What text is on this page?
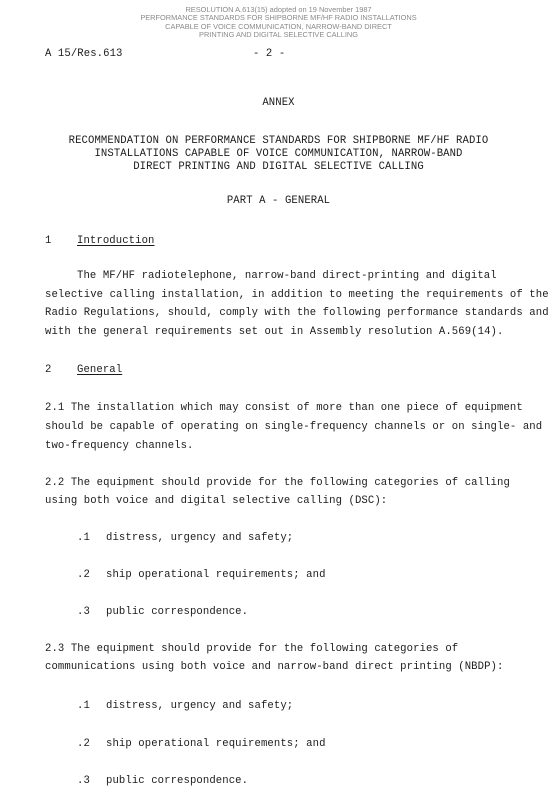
RESOLUTION A.613(15) adopted on 19 November 1987
PERFORMANCE STANDARDS FOR SHIPBORNE MF/HF RADIO INSTALLATIONS
CAPABLE OF VOICE COMMUNICATION, NARROW-BAND DIRECT
PRINTING AND DIGITAL SELECTIVE CALLING
A 15/Res.613	- 2 -
ANNEX
RECOMMENDATION ON PERFORMANCE STANDARDS FOR SHIPBORNE MF/HF RADIO
INSTALLATIONS CAPABLE OF VOICE COMMUNICATION, NARROW-BAND
DIRECT PRINTING AND DIGITAL SELECTIVE CALLING
PART A - GENERAL
1 Introduction
The MF/HF radiotelephone, narrow-band direct-printing and digital
selective calling installation, in addition to meeting the requirements of the
Radio Regulations, should, comply with the following performance standards and
with the general requirements set out in Assembly resolution A.569(14).
2 General
2.1 The installation which may consist of more than one piece of equipment
should be capable of operating on single-frequency channels or on single- and
two-frequency channels.
2.2 The equipment should provide for the following categories of calling
using both voice and digital selective calling (DSC):
.1 distress, urgency and safety;
.2 ship operational requirements; and
.3 public correspondence.
2.3 The equipment should provide for the following categories of
communications using both voice and narrow-band direct printing (NBDP):
.1 distress, urgency and safety;
.2 ship operational requirements; and
.3 public correspondence.
